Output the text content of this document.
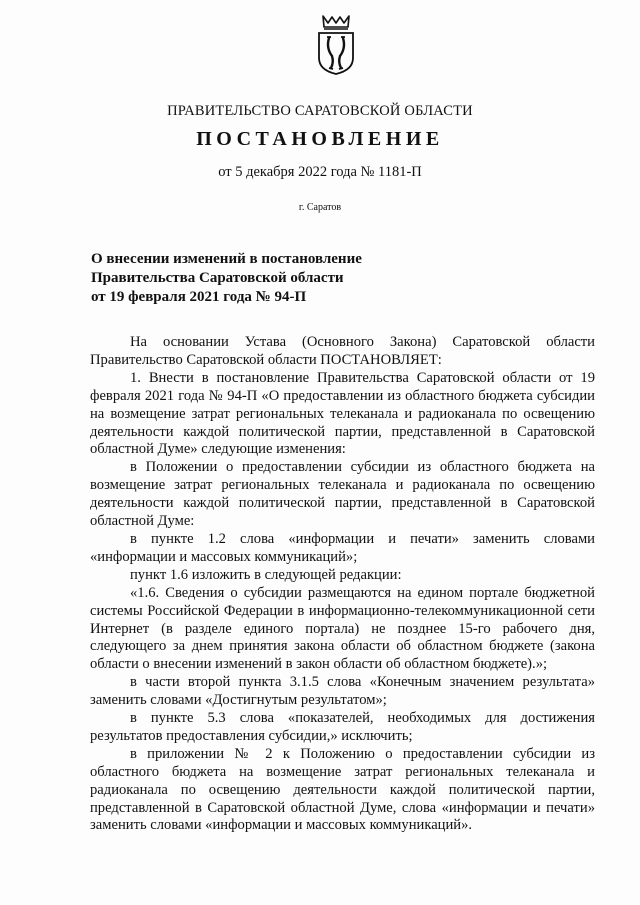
ПРАВИТЕЛЬСТВО САРАТОВСКОЙ ОБЛАСТИ
ПОСТАНОВЛЕНИЕ
от 5 декабря 2022 года № 1181-П
г. Саратов
О внесении изменений в постановление
Правительства Саратовской области
от 19 февраля 2021 года № 94-П

На основании Устава (Основного Закона) Саратовской области Правительство Саратовской области ПОСТАНОВЛЯЕТ:

1. Внести в постановление Правительства Саратовской области от 19 февраля 2021 года № 94-П «О предоставлении из областного бюджета субсидии на возмещение затрат региональных телеканала и радиоканала по освещению деятельности каждой политической партии, представленной в Саратовской областной Думе» следующие изменения:

в Положении о предоставлении субсидии из областного бюджета на возмещение затрат региональных телеканала и радиоканала по освещению деятельности каждой политической партии, представленной в Саратовской областной Думе:

в пункте 1.2 слова «информации и печати» заменить словами «информации и массовых коммуникаций»;

пункт 1.6 изложить в следующей редакции:

«1.6. Сведения о субсидии размещаются на едином портале бюджетной системы Российской Федерации в информационно-телекоммуникационной сети Интернет (в разделе единого портала) не позднее 15-го рабочего дня, следующего за днем принятия закона области об областном бюджете (закона области о внесении изменений в закон области об областном бюджете).»;

в части второй пункта 3.1.5 слова «Конечным значением результата» заменить словами «Достигнутым результатом»;

в пункте 5.3 слова «показателей, необходимых для достижения результатов предоставления субсидии,» исключить;

в приложении № 2 к Положению о предоставлении субсидии из областного бюджета на возмещение затрат региональных телеканала и радиоканала по освещению деятельности каждой политической партии, представленной в Саратовской областной Думе, слова «информации и печати» заменить словами «информации и массовых коммуникаций».
